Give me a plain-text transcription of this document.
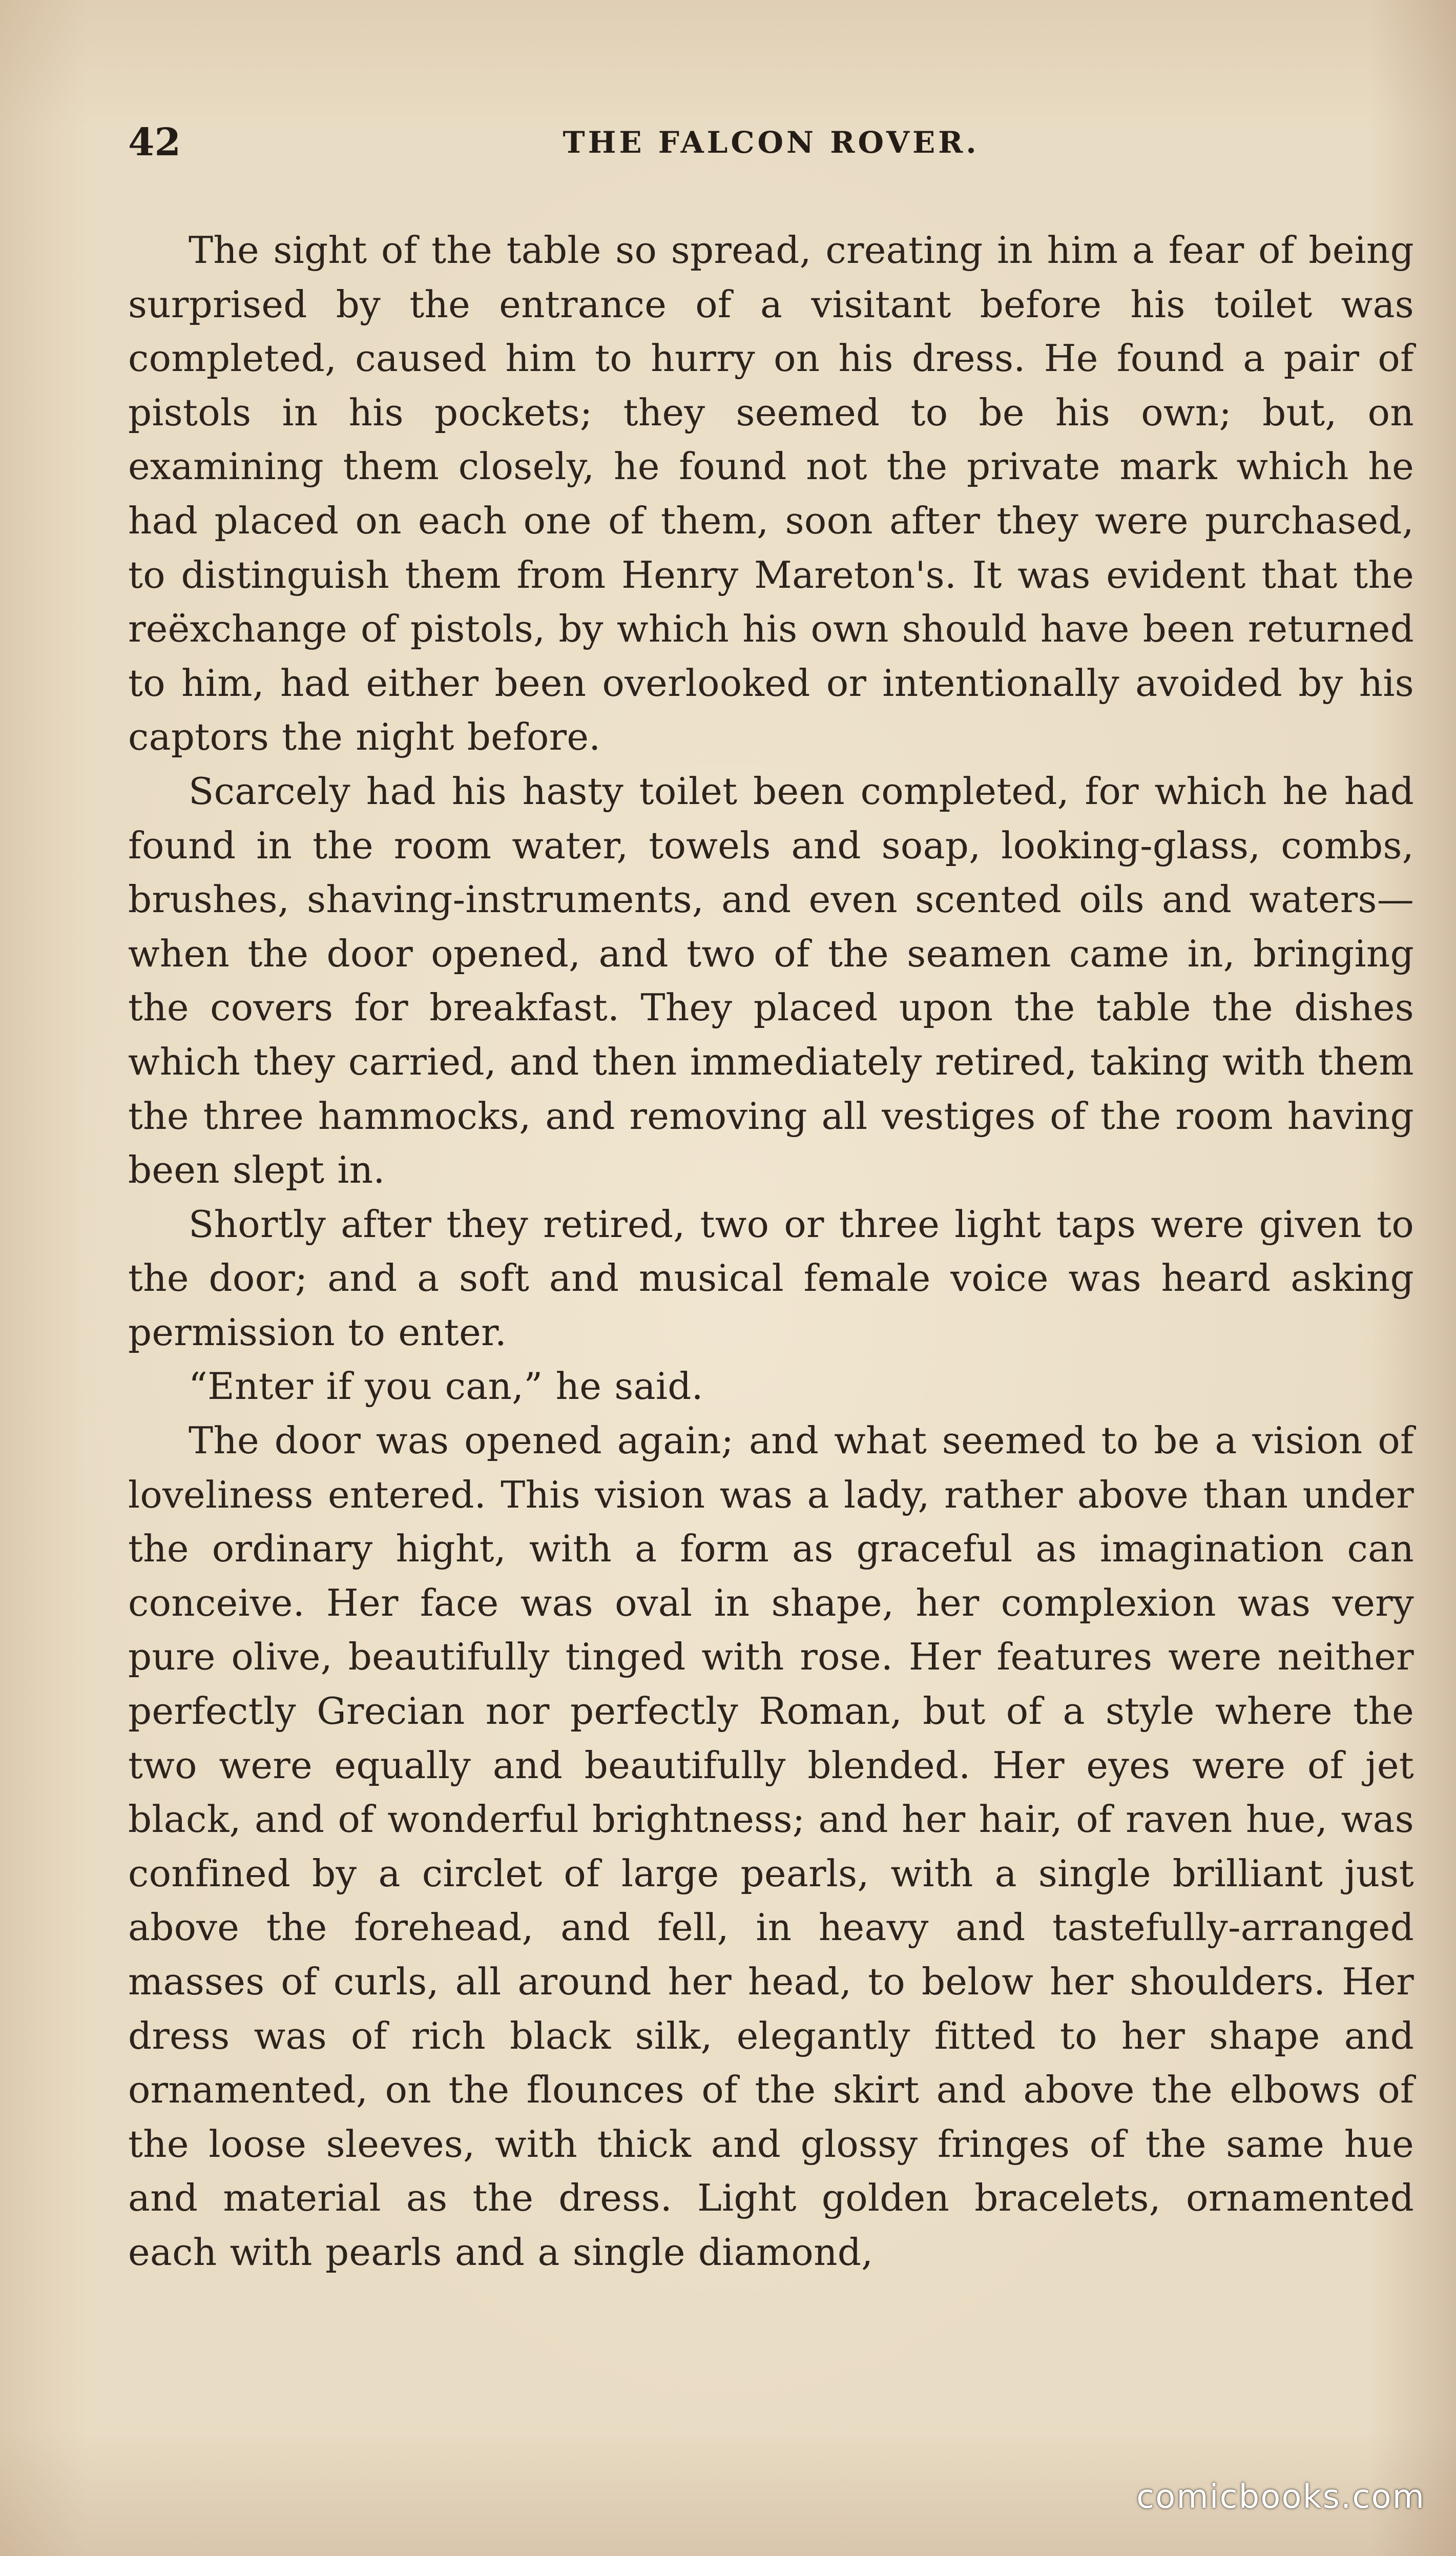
42	THE FALCON ROVER.

The sight of the table so spread, creating in him a fear of being surprised by the entrance of a visitant before his toilet was completed, caused him to hurry on his dress. He found a pair of pistols in his pockets; they seemed to be his own; but, on examining them closely, he found not the private mark which he had placed on each one of them, soon after they were purchased, to distinguish them from Henry Mareton's. It was evident that the reëxchange of pistols, by which his own should have been returned to him, had either been overlooked or intentionally avoided by his captors the night before.

Scarcely had his hasty toilet been completed, for which he had found in the room water, towels and soap, looking-glass, combs, brushes, shaving-instruments, and even scented oils and waters—when the door opened, and two of the seamen came in, bringing the covers for breakfast. They placed upon the table the dishes which they carried, and then immediately retired, taking with them the three hammocks, and removing all vestiges of the room having been slept in.

Shortly after they retired, two or three light taps were given to the door; and a soft and musical female voice was heard asking permission to enter.

“Enter if you can,” he said.

The door was opened again; and what seemed to be a vision of loveliness entered. This vision was a lady, rather above than under the ordinary hight, with a form as graceful as imagination can conceive. Her face was oval in shape, her complexion was very pure olive, beautifully tinged with rose. Her features were neither perfectly Grecian nor perfectly Roman, but of a style where the two were equally and beautifully blended. Her eyes were of jet black, and of wonderful brightness; and her hair, of raven hue, was confined by a circlet of large pearls, with a single brilliant just above the forehead, and fell, in heavy and tastefully-arranged masses of curls, all around her head, to below her shoulders. Her dress was of rich black silk, elegantly fitted to her shape and ornamented, on the flounces of the skirt and above the elbows of the loose sleeves, with thick and glossy fringes of the same hue and material as the dress. Light golden bracelets, ornamented each with pearls and a single diamond,

comicbooks.com
